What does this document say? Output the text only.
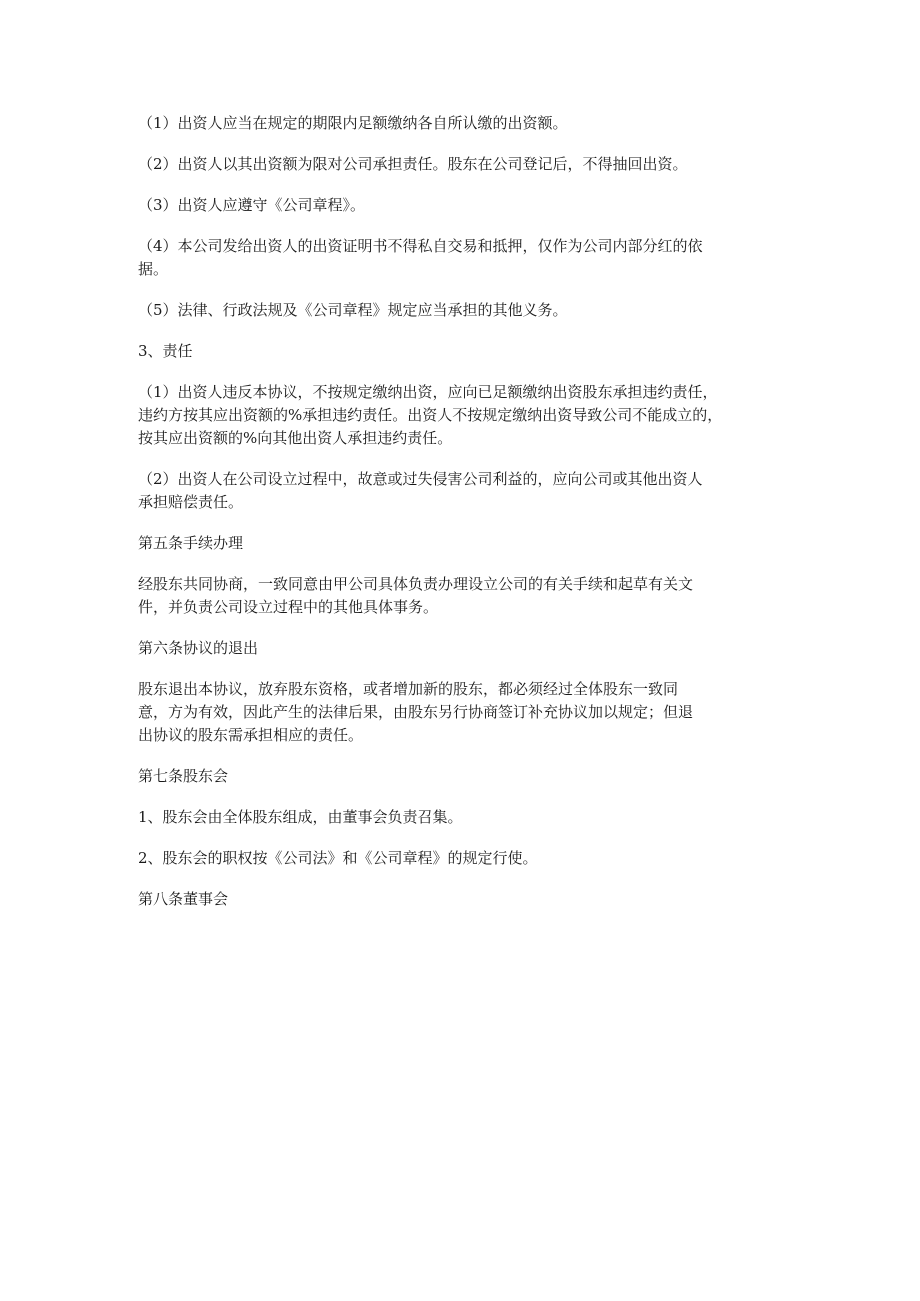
（1）出资人应当在规定的期限内足额缴纳各自所认缴的出资额。

（2）出资人以其出资额为限对公司承担责任。股东在公司登记后，不得抽回出资。

（3）出资人应遵守《公司章程》。

（4）本公司发给出资人的出资证明书不得私自交易和抵押，仅作为公司内部分红的依
据。

（5）法律、行政法规及《公司章程》规定应当承担的其他义务。

3、责任

（1）出资人违反本协议，不按规定缴纳出资，应向已足额缴纳出资股东承担违约责任，
违约方按其应出资额的%承担违约责任。出资人不按规定缴纳出资导致公司不能成立的，
按其应出资额的%向其他出资人承担违约责任。

（2）出资人在公司设立过程中，故意或过失侵害公司利益的，应向公司或其他出资人
承担赔偿责任。

第五条手续办理

经股东共同协商，一致同意由甲公司具体负责办理设立公司的有关手续和起草有关文
件，并负责公司设立过程中的其他具体事务。

第六条协议的退出

股东退出本协议，放弃股东资格，或者增加新的股东，都必须经过全体股东一致同
意，方为有效，因此产生的法律后果，由股东另行协商签订补充协议加以规定；但退
出协议的股东需承担相应的责任。

第七条股东会

1、股东会由全体股东组成，由董事会负责召集。

2、股东会的职权按《公司法》和《公司章程》的规定行使。

第八条董事会
